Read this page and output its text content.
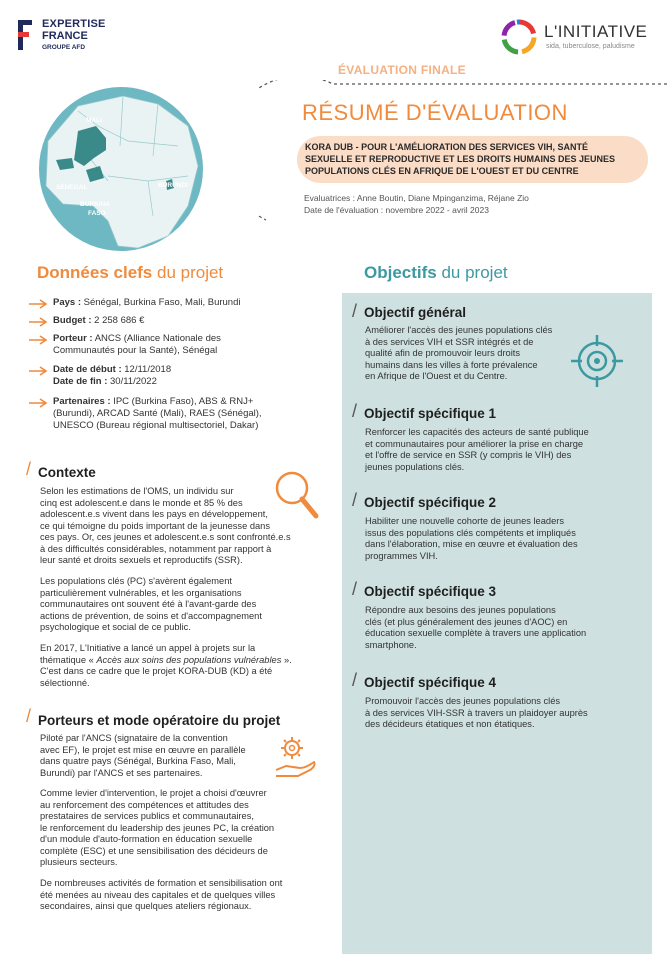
EXPERTISE
FRANCE
GROUPE AFD
L'INITIATIVE
sida, tuberculose, paludisme
ÉVALUATION FINALE
MALI
SÉNÉGAL
BURKINA
FASO
BURUNDI
RÉSUMÉ D'ÉVALUATION
KORA DUB - POUR L'AMÉLIORATION DES SERVICES VIH, SANTÉ
SEXUELLE ET REPRODUCTIVE ET LES DROITS HUMAINS DES JEUNES
POPULATIONS CLÉS EN AFRIQUE DE L'OUEST ET DU CENTRE
Evaluatrices : Anne Boutin, Diane Mpinganzima, Réjane Zio
Date de l'évaluation : novembre 2022 - avril 2023
Données clefs du projet
Pays : Sénégal, Burkina Faso, Mali, Burundi
Budget : 2 258 686 €
Porteur : ANCS (Alliance Nationale des
Communautés pour la Santé), Sénégal
Date de début : 12/11/2018
Date de fin : 30/11/2022
Partenaires : IPC (Burkina Faso), ABS & RNJ+
(Burundi), ARCAD Santé (Mali), RAES (Sénégal),
UNESCO (Bureau régional multisectoriel, Dakar)
/ Contexte
Selon les estimations de l'OMS, un individu sur
cinq est adolescent.e dans le monde et 85 % des
adolescent.e.s vivent dans les pays en développement,
ce qui témoigne du poids important de la jeunesse dans
ces pays. Or, ces jeunes et adolescent.e.s sont confronté.e.s
à des difficultés considérables, notamment par rapport à
leur santé et droits sexuels et reproductifs (SSR).
Les populations clés (PC) s'avèrent également
particulièrement vulnérables, et les organisations
communautaires ont souvent été à l'avant-garde des
actions de prévention, de soins et d'accompagnement
psychologique et social de ce public.
En 2017, L'Initiative a lancé un appel à projets sur la
thématique « Accès aux soins des populations vulnérables ».
C'est dans ce cadre que le projet KORA-DUB (KD) a été
sélectionné.
/ Porteurs et mode opératoire du projet
Piloté par l'ANCS (signataire de la convention
avec EF), le projet est mise en œuvre en parallèle
dans quatre pays (Sénégal, Burkina Faso, Mali,
Burundi) par l'ANCS et ses partenaires.
Comme levier d'intervention, le projet a choisi d'œuvrer
au renforcement des compétences et attitudes des
prestataires de services publics et communautaires,
le renforcement du leadership des jeunes PC, la création
d'un module d'auto-formation en éducation sexuelle
complète (ESC) et une sensibilisation des décideurs de
plusieurs secteurs.
De nombreuses activités de formation et sensibilisation ont
été menées au niveau des capitales et de quelques villes
secondaires, ainsi que quelques ateliers régionaux.
Objectifs du projet
/ Objectif général
Améliorer l'accès des jeunes populations clés
à des services VIH et SSR intégrés et de
qualité afin de promouvoir leurs droits
humains dans les villes à forte prévalence
en Afrique de l'Ouest et du Centre.
/ Objectif spécifique 1
Renforcer les capacités des acteurs de santé publique
et communautaires pour améliorer la prise en charge
et l'offre de service en SSR (y compris le VIH) des
jeunes populations clés.
/ Objectif spécifique 2
Habiliter une nouvelle cohorte de jeunes leaders
issus des populations clés compétents et impliqués
dans l'élaboration, mise en œuvre et évaluation des
programmes VIH.
/ Objectif spécifique 3
Répondre aux besoins des jeunes populations
clés (et plus généralement des jeunes d'AOC) en
éducation sexuelle complète à travers une application
smartphone.
/ Objectif spécifique 4
Promouvoir l'accès des jeunes populations clés
à des services VIH-SSR à travers un plaidoyer auprès
des décideurs étatiques et non étatiques.
